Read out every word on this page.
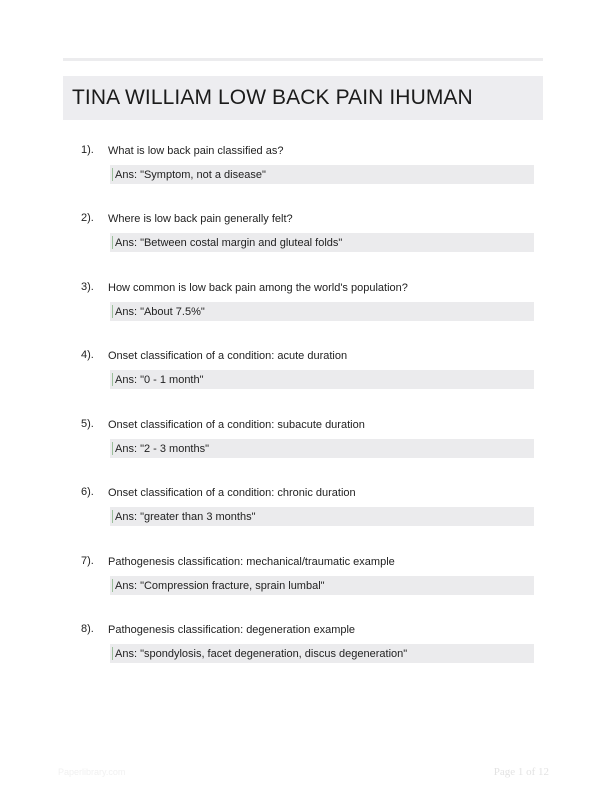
TINA WILLIAM LOW BACK PAIN IHUMAN
1). What is low back pain classified as?
Ans: "Symptom, not a disease"
2). Where is low back pain generally felt?
Ans: "Between costal margin and gluteal folds"
3). How common is low back pain among the world's population?
Ans: "About 7.5%"
4). Onset classification of a condition: acute duration
Ans: "0 - 1 month"
5). Onset classification of a condition: subacute duration
Ans: "2 - 3 months"
6). Onset classification of a condition: chronic duration
Ans: "greater than 3 months"
7). Pathogenesis classification: mechanical/traumatic example
Ans: "Compression fracture, sprain lumbal"
8). Pathogenesis classification: degeneration example
Ans: "spondylosis, facet degeneration, discus degeneration"
Paperlibrary.com	Page 1 of 12
